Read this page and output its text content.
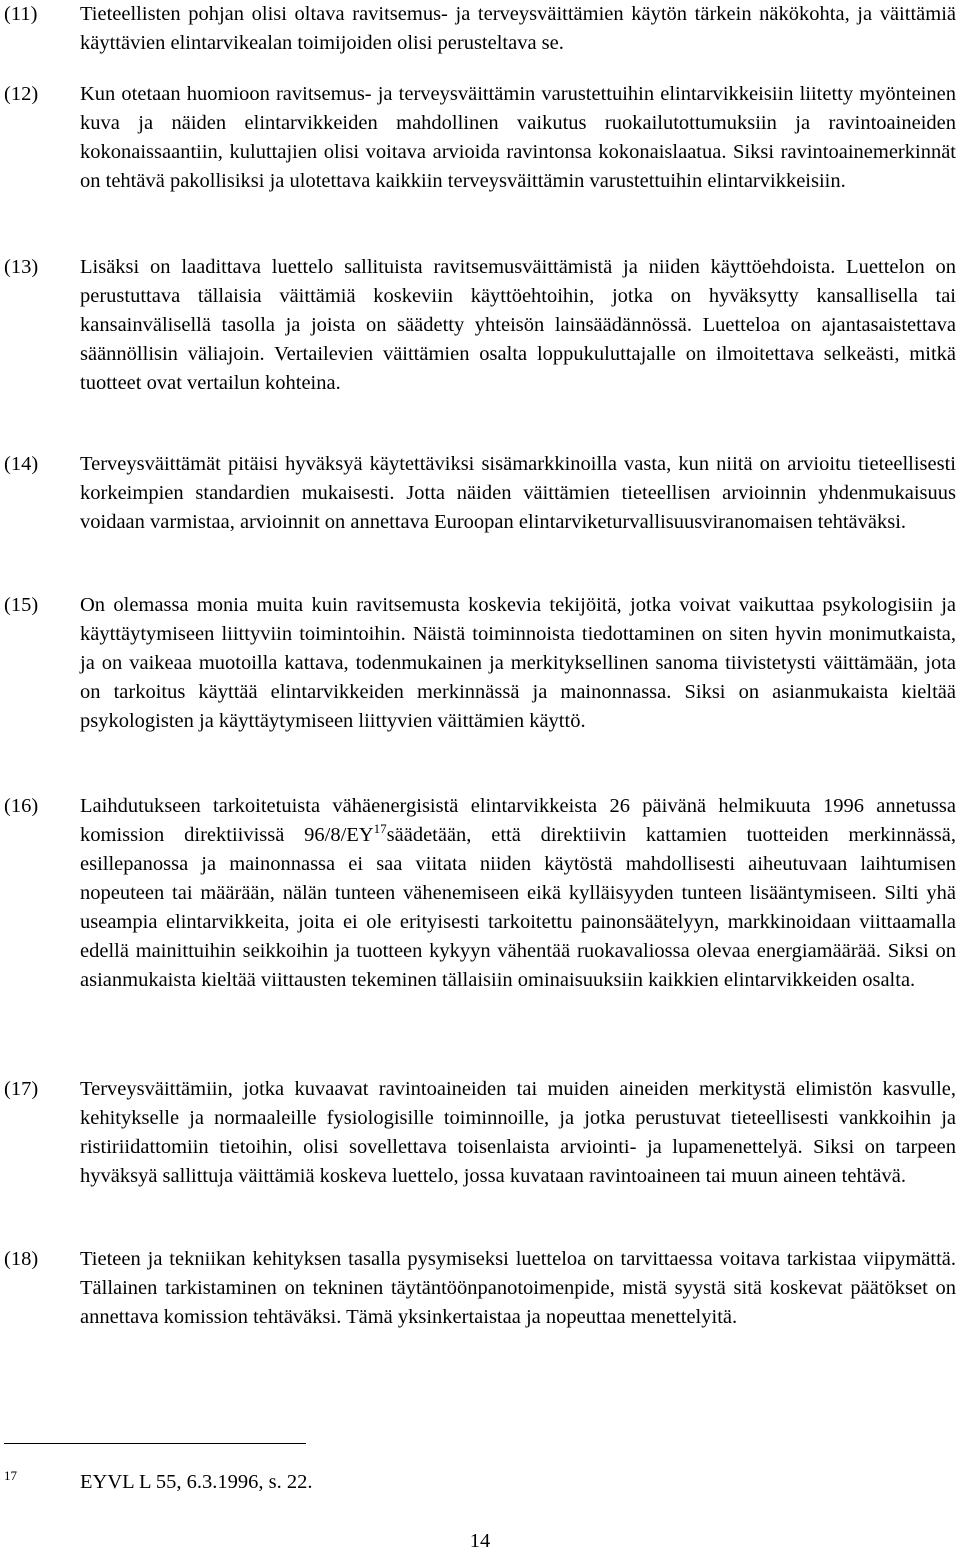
(11) Tieteellisten pohjan olisi oltava ravitsemus- ja terveysväittämien käytön tärkein näkökohta, ja väittämiä käyttävien elintarvikealan toimijoiden olisi perusteltava se.
(12) Kun otetaan huomioon ravitsemus- ja terveysväittämin varustettuihin elintarvikkeisiin liitetty myönteinen kuva ja näiden elintarvikkeiden mahdollinen vaikutus ruokailutottumuksiin ja ravintoaineiden kokonaissaantiin, kuluttajien olisi voitava arvioida ravintonsa kokonaislaatua. Siksi ravintoainemerkinnät on tehtävä pakollisiksi ja ulotettava kaikkiin terveysväittämin varustettuihin elintarvikkeisiin.
(13) Lisäksi on laadittava luettelo sallituista ravitsemusväittämistä ja niiden käyttöehdoista. Luettelon on perustuttava tällaisia väittämiä koskeviin käyttöehtoihin, jotka on hyväksytty kansallisella tai kansainvälisellä tasolla ja joista on säädetty yhteisön lainsäädännössä. Luetteloa on ajantasaistettava säännöllisin väliajoin. Vertailevien väittämien osalta loppukuluttajalle on ilmoitettava selkeästi, mitkä tuotteet ovat vertailun kohteina.
(14) Terveysväittämät pitäisi hyväksyä käytettäviksi sisämarkkinoilla vasta, kun niitä on arvioitu tieteellisesti korkeimpien standardien mukaisesti. Jotta näiden väittämien tieteellisen arvioinnin yhdenmukaisuus voidaan varmistaa, arvioinnit on annettava Euroopan elintarviketurvallisuusviranomaisen tehtäväksi.
(15) On olemassa monia muita kuin ravitsemusta koskevia tekijöitä, jotka voivat vaikuttaa psykologisiin ja käyttäytymiseen liittyviin toimintoihin. Näistä toiminnoista tiedottaminen on siten hyvin monimutkaista, ja on vaikeaa muotoilla kattava, todenmukainen ja merkityksellinen sanoma tiivistetysti väittämään, jota on tarkoitus käyttää elintarvikkeiden merkinnässä ja mainonnassa. Siksi on asianmukaista kieltää psykologisten ja käyttäytymiseen liittyvien väittämien käyttö.
(16) Laihdutukseen tarkoitetuista vähäenergisistä elintarvikkeista 26 päivänä helmikuuta 1996 annetussa komission direktiivissä 96/8/EY$^{17}$säädetään, että direktiivin kattamien tuotteiden merkinnässä, esillepanossa ja mainonnassa ei saa viitata niiden käytöstä mahdollisesti aiheutuvaan laihtumisen nopeuteen tai määrään, nälän tunteen vähenemiseen eikä kylläisyyden tunteen lisääntymiseen. Silti yhä useampia elintarvikkeita, joita ei ole erityisesti tarkoitettu painonsäätelyyn, markkinoidaan viittaamalla edellä mainittuihin seikkoihin ja tuotteen kykyyn vähentää ruokavaliossa olevaa energiamäärää. Siksi on asianmukaista kieltää viittausten tekeminen tällaisiin ominaisuuksiin kaikkien elintarvikkeiden osalta.
(17) Terveysväittämiin, jotka kuvaavat ravintoaineiden tai muiden aineiden merkitystä elimistön kasvulle, kehitykselle ja normaaleille fysiologisille toiminnoille, ja jotka perustuvat tieteellisesti vankkoihin ja ristiriidattomiin tietoihin, olisi sovellettava toisenlaista arviointi- ja lupamenettelyä. Siksi on tarpeen hyväksyä sallittuja väittämiä koskeva luettelo, jossa kuvataan ravintoaineen tai muun aineen tehtävä.
(18) Tieteen ja tekniikan kehityksen tasalla pysymiseksi luetteloa on tarvittaessa voitava tarkistaa viipymättä. Tällainen tarkistaminen on tekninen täytäntöönpanotoimenpide, mistä syystä sitä koskevat päätökset on annettava komission tehtäväksi. Tämä yksinkertaistaa ja nopeuttaa menettelyitä.
17	EYVL L 55, 6.3.1996, s. 22.
14
